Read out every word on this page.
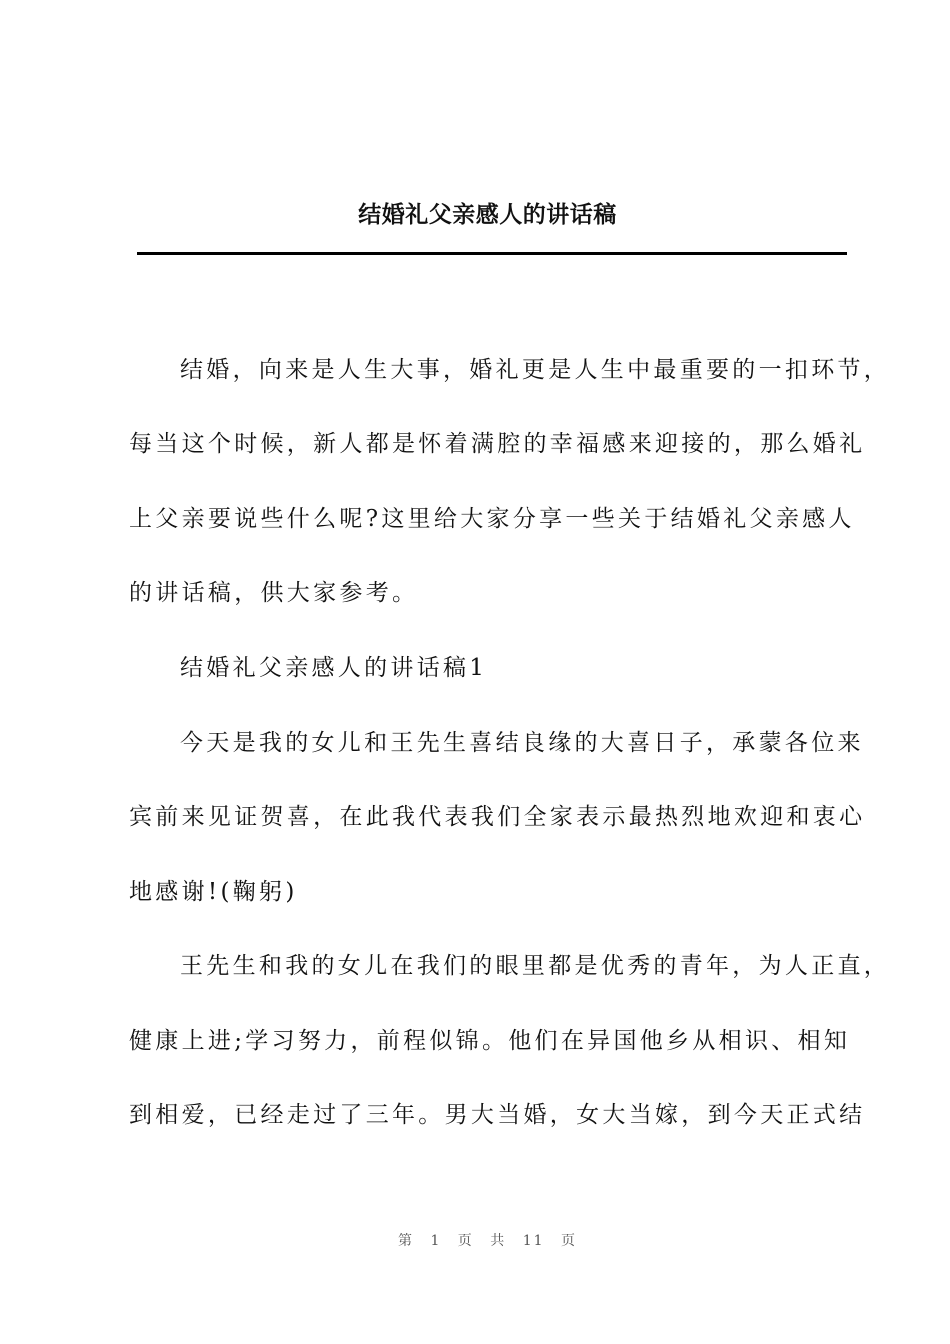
结婚礼父亲感人的讲话稿
结婚，向来是人生大事，婚礼更是人生中最重要的一扣环节，
每当这个时候，新人都是怀着满腔的幸福感来迎接的，那么婚礼
上父亲要说些什么呢?这里给大家分享一些关于结婚礼父亲感人
的讲话稿，供大家参考。
结婚礼父亲感人的讲话稿1
今天是我的女儿和王先生喜结良缘的大喜日子，承蒙各位来
宾前来见证贺喜，在此我代表我们全家表示最热烈地欢迎和衷心
地感谢!(鞠躬)
王先生和我的女儿在我们的眼里都是优秀的青年，为人正直，
健康上进;学习努力，前程似锦。他们在异国他乡从相识、相知
到相爱，已经走过了三年。男大当婚，女大当嫁，到今天正式结
第 1 页 共 11 页
